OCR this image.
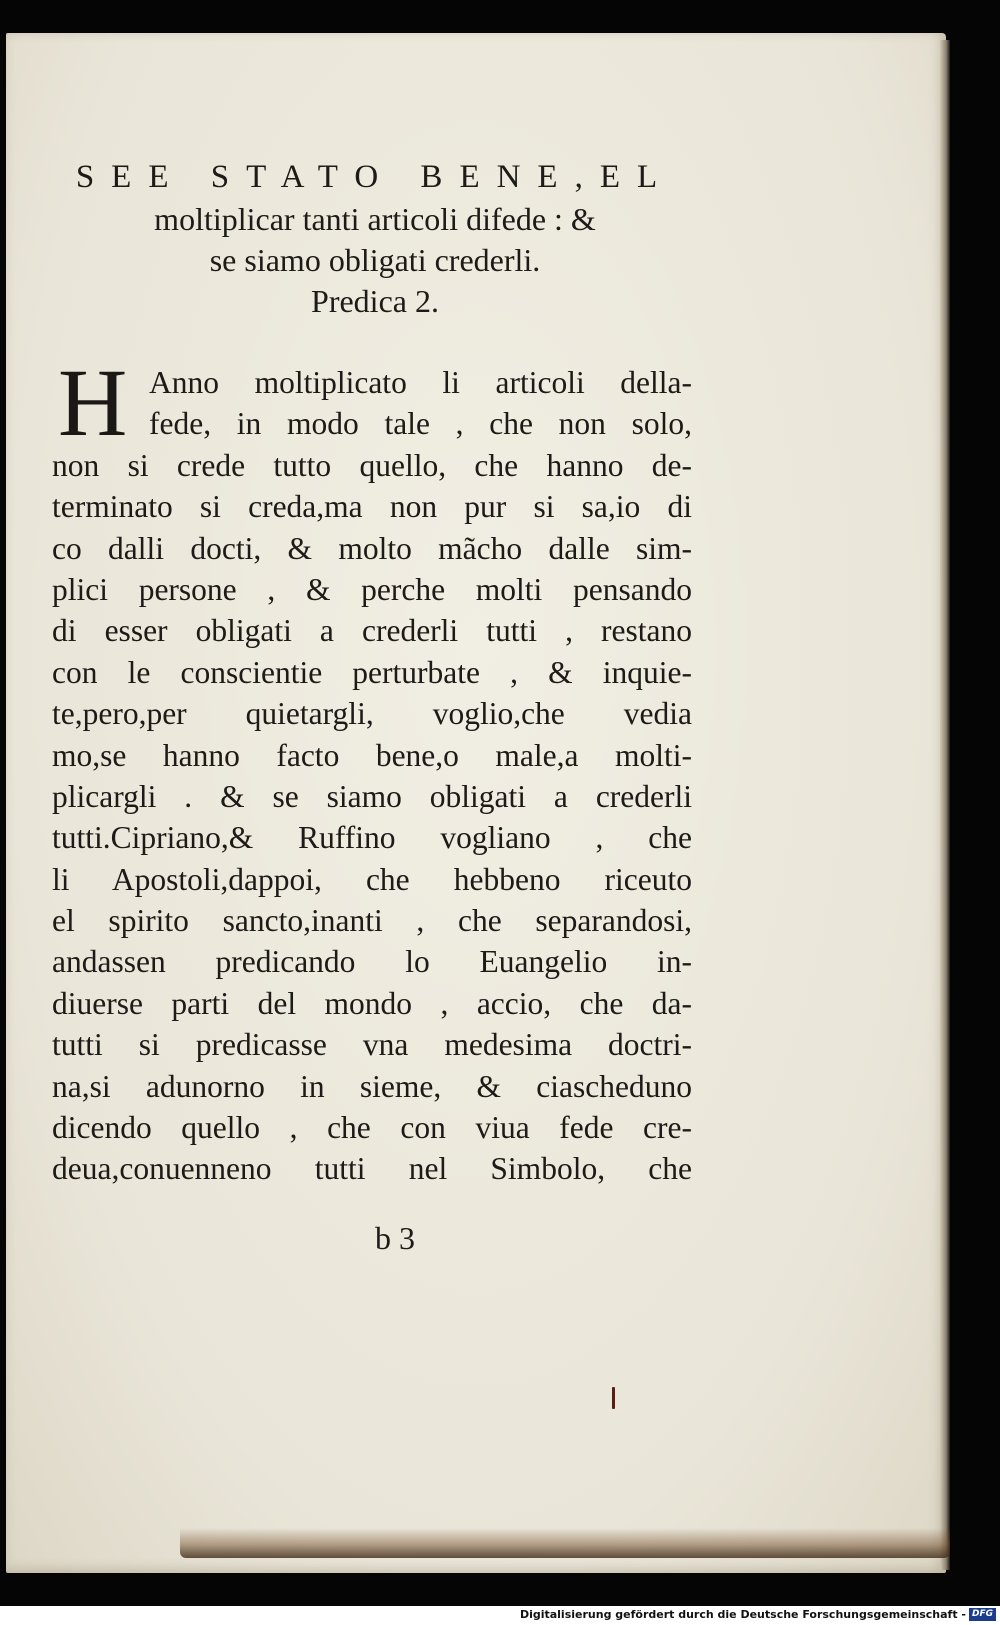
SEE STATO BENE,EL
moltiplicar tanti articoli difede : &
se siamo obligati crederli.
Predica 2.
H Anno moltiplicato li articoli della-
fede, in modo tale , che non solo,
non si crede tutto quello, che hanno de-
terminato si creda,ma non pur si sa,io di
co dalli docti, & molto mãcho dalle sim-
plici persone , & perche molti pensando
di esser obligati a crederli tutti , restano
con le conscientie perturbate , & inquie-
te,pero,per quietargli, voglio,che vedia
mo,se hanno facto bene,o male,a molti-
plicargli . & se siamo obligati a crederli
tutti.Cipriano,& Ruffino vogliano , che
li Apostoli,dappoi, che hebbeno riceuto
el spirito sancto,inanti , che separandosi,
andassen predicando lo Euangelio in-
diuerse parti del mondo , accio, che da-
tutti si predicasse vna medesima doctri-
na,si adunorno in sieme, & ciascheduno
dicendo quello , che con viua fede cre-
deua,conuenneno tutti nel Simbolo, che
b 3
Digitalisierung gefördert durch die Deutsche Forschungsgemeinschaft - DFG
